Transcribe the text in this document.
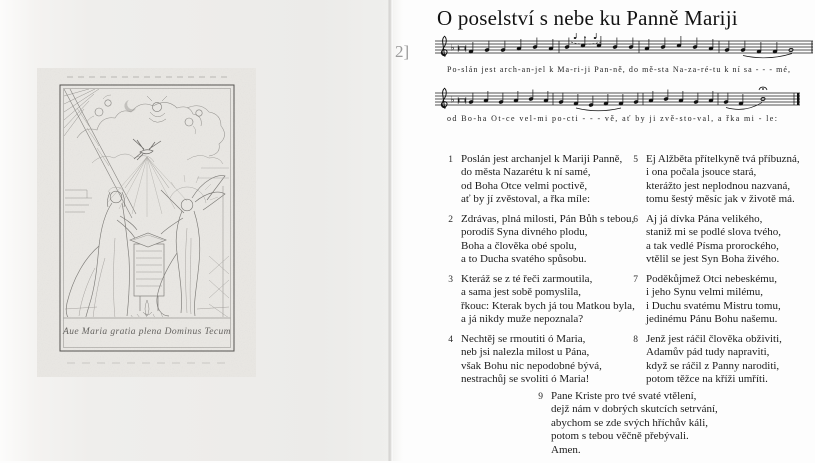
Aue Maria gratia plena Dominus Tecum
O poselství s nebe ku Panně Mariji
2]	♭
Po-slán jest arch-an-jel k Ma-ri-ji Pan-ně, do mě-sta Na-za-ré-tu k ní sa - - - mé,
♭
od Bo-ha Ot-ce vel-mi po-cti - - - vě, ať by ji zvě-sto-val, a řka mi - le:
1 Poslán jest archanjel k Mariji Panně,
do města Nazarétu k ní samé,
od Boha Otce velmi poctivě,
ať by jí zvěstoval, a řka míle:
2 Zdrávas, plná milosti, Pán Bůh s tebou,
porodíš Syna divného plodu,
Boha a člověka obé spolu,
a to Ducha svatého spůsobu.
3 Kteráž se z té řeči zarmoutila,
a sama jest sobě pomyslila,
řkouc: Kterak bych já tou Matkou byla,
a já nikdy muže nepoznala?
4 Nechtěj se rmoutiti ó Maria,
neb jsi nalezla milost u Pána,
však Bohu nic nepodobné bývá,
nestrachůj se svoliti ó Maria!
5 Ej Alžběta přítelkyně tvá příbuzná,
i ona počala jsouce stará,
kterážto jest neplodnou nazvaná,
tomu šestý měsíc jak v životě má.
6 Aj já dívka Pána velikého,
staniž mi se podlé slova tvého,
a tak vedlé Písma prorockého,
vtělil se jest Syn Boha živého.
7 Poděkůjmež Otci nebeskému,
i jeho Synu velmi milému,
i Duchu svatému Mistru tomu,
jedinému Pánu Bohu našemu.
8 Jenž jest ráčil člověka obživiti,
Adamův pád tudy napraviti,
když se ráčil z Panny naroditi,
potom těžce na kříži umříti.
9 Pane Kriste pro tvé svaté vtělení,
dejž nám v dobrých skutcích setrvání,
abychom se zde svých hříchův káli,
potom s tebou věčně přebývali.
Amen.
